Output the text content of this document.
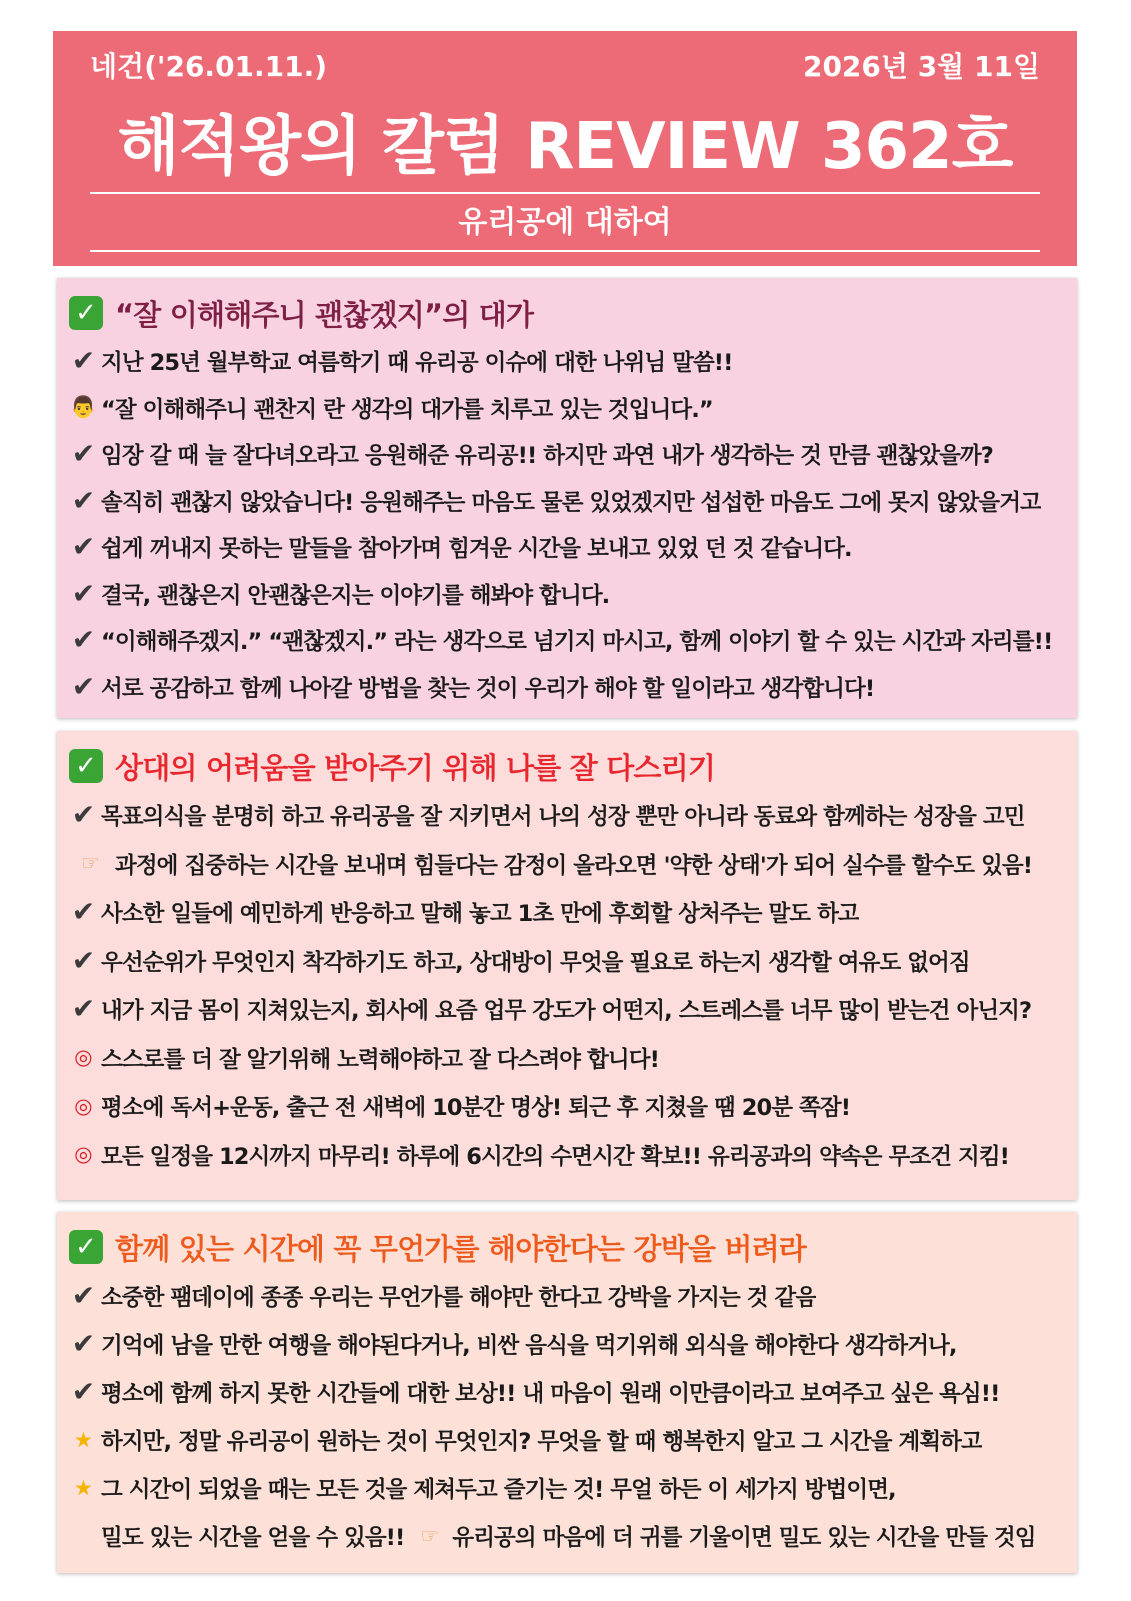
네건('26.01.11.)	2026년 3월 11일
해적왕의 칼럼 REVIEW 362호
유리공에 대하여
✓ “잘 이해해주니 괜찮겠지”의 대가
✔ 지난 25년 월부학교 여름학기 때 유리공 이슈에 대한 나위님 말씀!!
👨 “잘 이해해주니 괜찬지 란 생각의 대가를 치루고 있는 것입니다.”
✔ 임장 갈 때 늘 잘다녀오라고 응원해준 유리공!! 하지만 과연 내가 생각하는 것 만큼 괜찮았을까?
✔ 솔직히 괜찮지 않았습니다! 응원해주는 마음도 물론 있었겠지만 섭섭한 마음도 그에 못지 않았을거고
✔ 쉽게 꺼내지 못하는 말들을 참아가며 힘겨운 시간을 보내고 있었 던 것 같습니다.
✔ 결국, 괜찮은지 안괜찮은지는 이야기를 해봐야 합니다.
✔ “이해해주겠지.” “괜찮겠지.” 라는 생각으로 넘기지 마시고, 함께 이야기 할 수 있는 시간과 자리를!!
✔ 서로 공감하고 함께 나아갈 방법을 찾는 것이 우리가 해야 할 일이라고 생각합니다!
✓ 상대의 어려움을 받아주기 위해 나를 잘 다스리기
✔ 목표의식을 분명히 하고 유리공을 잘 지키면서 나의 성장 뿐만 아니라 동료와 함께하는 성장을 고민
☞ 과정에 집중하는 시간을 보내며 힘들다는 감정이 올라오면 '약한 상태'가 되어 실수를 할수도 있음!
✔ 사소한 일들에 예민하게 반응하고 말해 놓고 1초 만에 후회할 상처주는 말도 하고
✔ 우선순위가 무엇인지 착각하기도 하고, 상대방이 무엇을 필요로 하는지 생각할 여유도 없어짐
✔ 내가 지금 몸이 지쳐있는지, 회사에 요즘 업무 강도가 어떤지, 스트레스를 너무 많이 받는건 아닌지?
◎ 스스로를 더 잘 알기위해 노력해야하고 잘 다스려야 합니다!
◎ 평소에 독서+운동, 출근 전 새벽에 10분간 명상! 퇴근 후 지쳤을 땜 20분 쪽잠!
◎ 모든 일정을 12시까지 마무리! 하루에 6시간의 수면시간 확보!! 유리공과의 약속은 무조건 지킴!
✓ 함께 있는 시간에 꼭 무언가를 해야한다는 강박을 버려라
✔ 소중한 팸데이에 종종 우리는 무언가를 해야만 한다고 강박을 가지는 것 같음
✔ 기억에 남을 만한 여행을 해야된다거나, 비싼 음식을 먹기위해 외식을 해야한다 생각하거나,
✔ 평소에 함께 하지 못한 시간들에 대한 보상!! 내 마음이 원래 이만큼이라고 보여주고 싶은 욕심!!
★ 하지만, 정말 유리공이 원하는 것이 무엇인지? 무엇을 할 때 행복한지 알고 그 시간을 계획하고
★ 그 시간이 되었을 때는 모든 것을 제쳐두고 즐기는 것! 무얼 하든 이 세가지 방법이면,
밀도 있는 시간을 얻을 수 있음!! ☞ 유리공의 마음에 더 귀를 기울이면 밀도 있는 시간을 만들 것임
